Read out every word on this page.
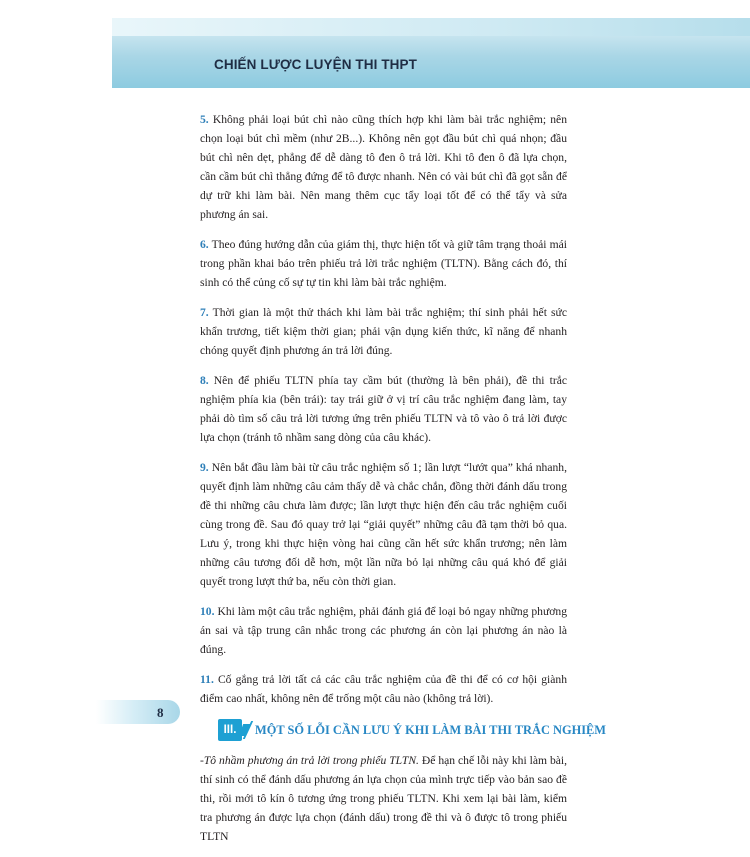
CHIẾN LƯỢC LUYỆN THI THPT

5. Không phải loại bút chì nào cũng thích hợp khi làm bài trắc nghiệm; nên chọn loại bút chì mềm (như 2B...). Không nên gọt đầu bút chì quá nhọn; đầu bút chì nên dẹt, phẳng để dễ dàng tô đen ô trả lời. Khi tô đen ô đã lựa chọn, cần cầm bút chì thẳng đứng để tô được nhanh. Nên có vài bút chì đã gọt sẵn để dự trữ khi làm bài. Nên mang thêm cục tẩy loại tốt để có thể tẩy và sửa phương án sai.

6. Theo đúng hướng dẫn của giám thị, thực hiện tốt và giữ tâm trạng thoải mái trong phần khai báo trên phiếu trả lời trắc nghiệm (TLTN). Bằng cách đó, thí sinh có thể củng cố sự tự tin khi làm bài trắc nghiệm.

7. Thời gian là một thử thách khi làm bài trắc nghiệm; thí sinh phải hết sức khẩn trương, tiết kiệm thời gian; phải vận dụng kiến thức, kĩ năng để nhanh chóng quyết định phương án trả lời đúng.

8. Nên để phiếu TLTN phía tay cầm bút (thường là bên phải), đề thi trắc nghiệm phía kia (bên trái): tay trái giữ ở vị trí câu trắc nghiệm đang làm, tay phải dò tìm số câu trả lời tương ứng trên phiếu TLTN và tô vào ô trả lời được lựa chọn (tránh tô nhầm sang dòng của câu khác).

9. Nên bắt đầu làm bài từ câu trắc nghiệm số 1; lần lượt “lướt qua” khá nhanh, quyết định làm những câu cảm thấy dễ và chắc chắn, đồng thời đánh dấu trong đề thi những câu chưa làm được; lần lượt thực hiện đến câu trắc nghiệm cuối cùng trong đề. Sau đó quay trở lại “giải quyết” những câu đã tạm thời bỏ qua. Lưu ý, trong khi thực hiện vòng hai cũng cần hết sức khẩn trương; nên làm những câu tương đối dễ hơn, một lần nữa bỏ lại những câu quá khó để giải quyết trong lượt thứ ba, nếu còn thời gian.

10. Khi làm một câu trắc nghiệm, phải đánh giá để loại bỏ ngay những phương án sai và tập trung cân nhắc trong các phương án còn lại phương án nào là đúng.

11. Cố gắng trả lời tất cả các câu trắc nghiệm của đề thi để có cơ hội giành điểm cao nhất, không nên để trống một câu nào (không trả lời).

III.	MỘT SỐ LỖI CẦN LƯU Ý KHI LÀM BÀI THI TRẮC NGHIỆM

-Tô nhầm phương án trả lời trong phiếu TLTN. Để hạn chế lỗi này khi làm bài, thí sinh có thể đánh dấu phương án lựa chọn của mình trực tiếp vào bản sao đề thi, rồi mới tô kín ô tương ứng trong phiếu TLTN. Khi xem lại bài làm, kiểm tra phương án được lựa chọn (đánh dấu) trong đề thi và ô được tô trong phiếu TLTN

8
